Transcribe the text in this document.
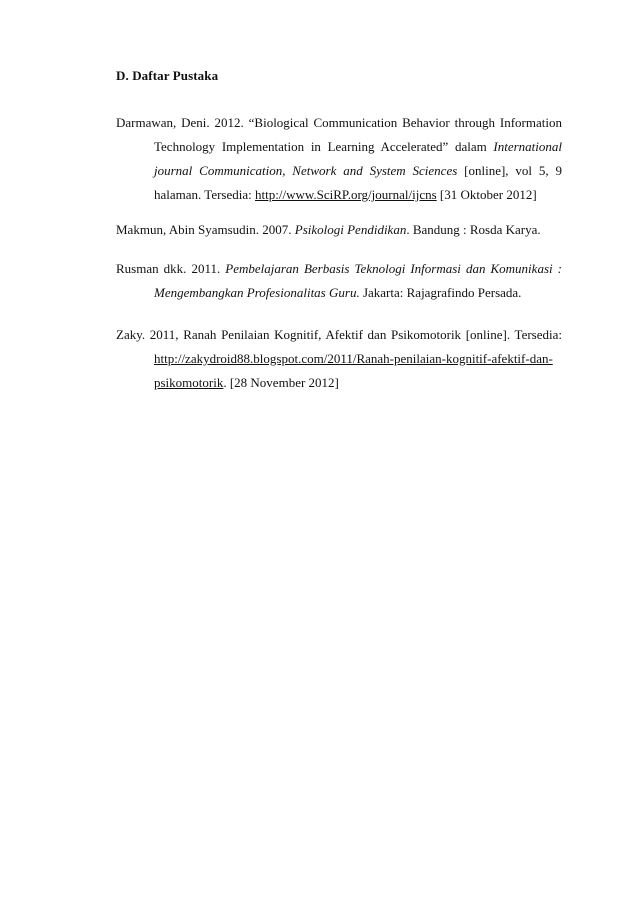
D. Daftar Pustaka

Darmawan, Deni. 2012. “Biological Communication Behavior through Information Technology Implementation in Learning Accelerated” dalam International journal Communication, Network and System Sciences [online], vol 5, 9 halaman. Tersedia: http://www.SciRP.org/journal/ijcns [31 Oktober 2012]

Makmun, Abin Syamsudin. 2007. Psikologi Pendidikan. Bandung : Rosda Karya.

Rusman dkk. 2011. Pembelajaran Berbasis Teknologi Informasi dan Komunikasi : Mengembangkan Profesionalitas Guru. Jakarta: Rajagrafindo Persada.

Zaky. 2011, Ranah Penilaian Kognitif, Afektif dan Psikomotorik [online]. Tersedia: http://zakydroid88.blogspot.com/2011/Ranah-penilaian-kognitif-afektif-dan-psikomotorik. [28 November 2012]
